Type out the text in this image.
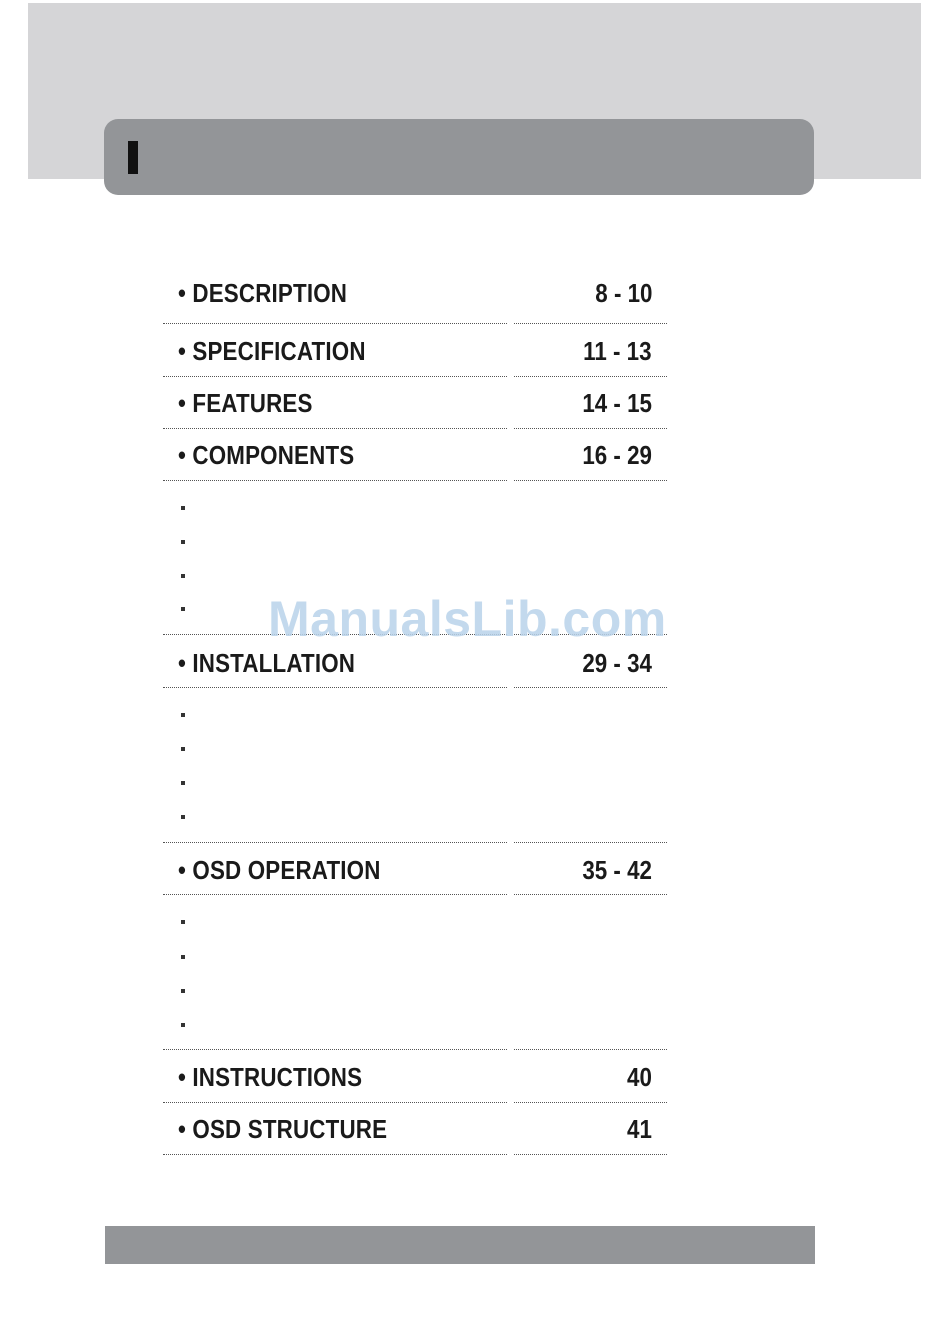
• DESCRIPTION	8 - 10
• SPECIFICATION	11 - 13
• FEATURES	14 - 15
• COMPONENTS	16 - 29
• INSTALLATION	29 - 34
• OSD OPERATION	35 - 42
• INSTRUCTIONS	40
• OSD STRUCTURE	41
ManualsLib.com
